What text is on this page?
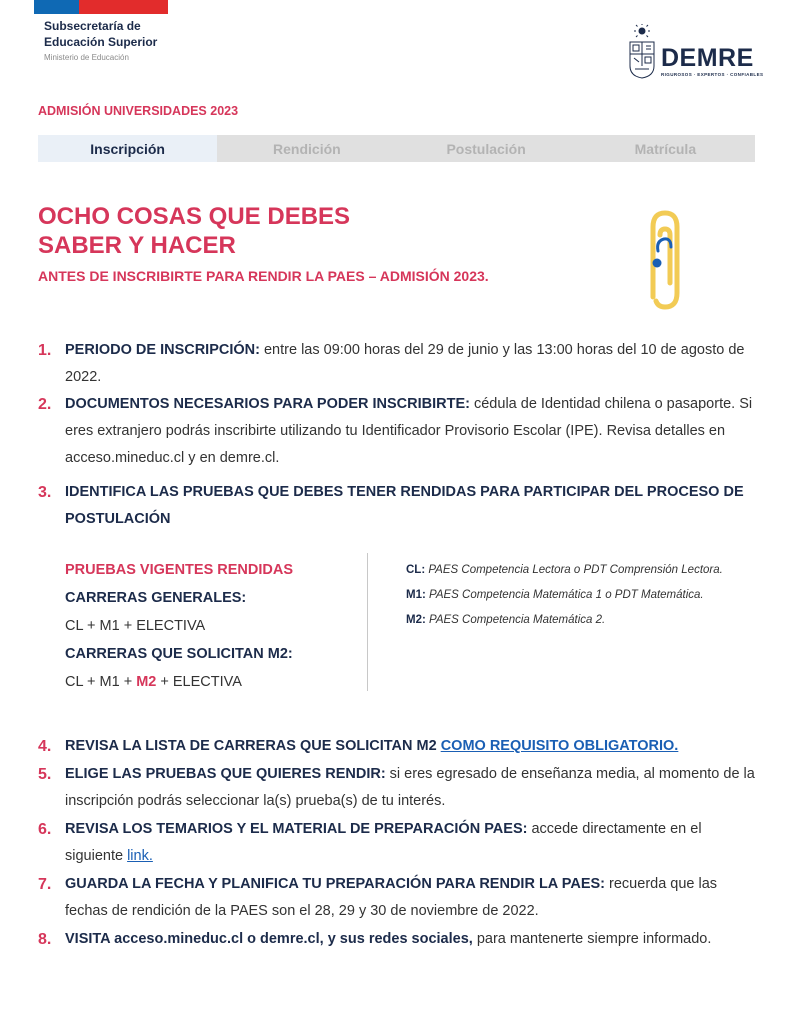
Subsecretaría de
Educación Superior
Ministerio de Educación	DEMRE
RIGUROSOS · EXPERTOS · CONFIABLES
ADMISIÓN UNIVERSIDADES 2023
Inscripción	Rendición	Postulación	Matrícula
OCHO COSAS QUE DEBES
SABER Y HACER
ANTES DE INSCRIBIRTE PARA RENDIR LA PAES – ADMISIÓN 2023.
1. PERIODO DE INSCRIPCIÓN: entre las 09:00 horas del 29 de junio y las 13:00 horas del 10 de agosto de 2022.
2. DOCUMENTOS NECESARIOS PARA PODER INSCRIBIRTE: cédula de Identidad chilena o pasaporte. Si eres extranjero podrás inscribirte utilizando tu Identificador Provisorio Escolar (IPE). Revisa detalles en acceso.mineduc.cl y en demre.cl.
3. IDENTIFICA LAS PRUEBAS QUE DEBES TENER RENDIDAS PARA PARTICIPAR DEL PROCESO DE POSTULACIÓN
PRUEBAS VIGENTES RENDIDAS
CARRERAS GENERALES:
CL + M1 + ELECTIVA
CARRERAS QUE SOLICITAN M2:
CL + M1 + M2 + ELECTIVA
CL: PAES Competencia Lectora o PDT Comprensión Lectora.
M1: PAES Competencia Matemática 1 o PDT Matemática.
M2: PAES Competencia Matemática 2.
4. REVISA LA LISTA DE CARRERAS QUE SOLICITAN M2 COMO REQUISITO OBLIGATORIO.
5. ELIGE LAS PRUEBAS QUE QUIERES RENDIR: si eres egresado de enseñanza media, al momento de la inscripción podrás seleccionar la(s) prueba(s) de tu interés.
6. REVISA LOS TEMARIOS Y EL MATERIAL DE PREPARACIÓN PAES: accede directamente en el siguiente link.
7. GUARDA LA FECHA Y PLANIFICA TU PREPARACIÓN PARA RENDIR LA PAES: recuerda que las fechas de rendición de la PAES son el 28, 29 y 30 de noviembre de 2022.
8. VISITA acceso.mineduc.cl o demre.cl, y sus redes sociales, para mantenerte siempre informado.
